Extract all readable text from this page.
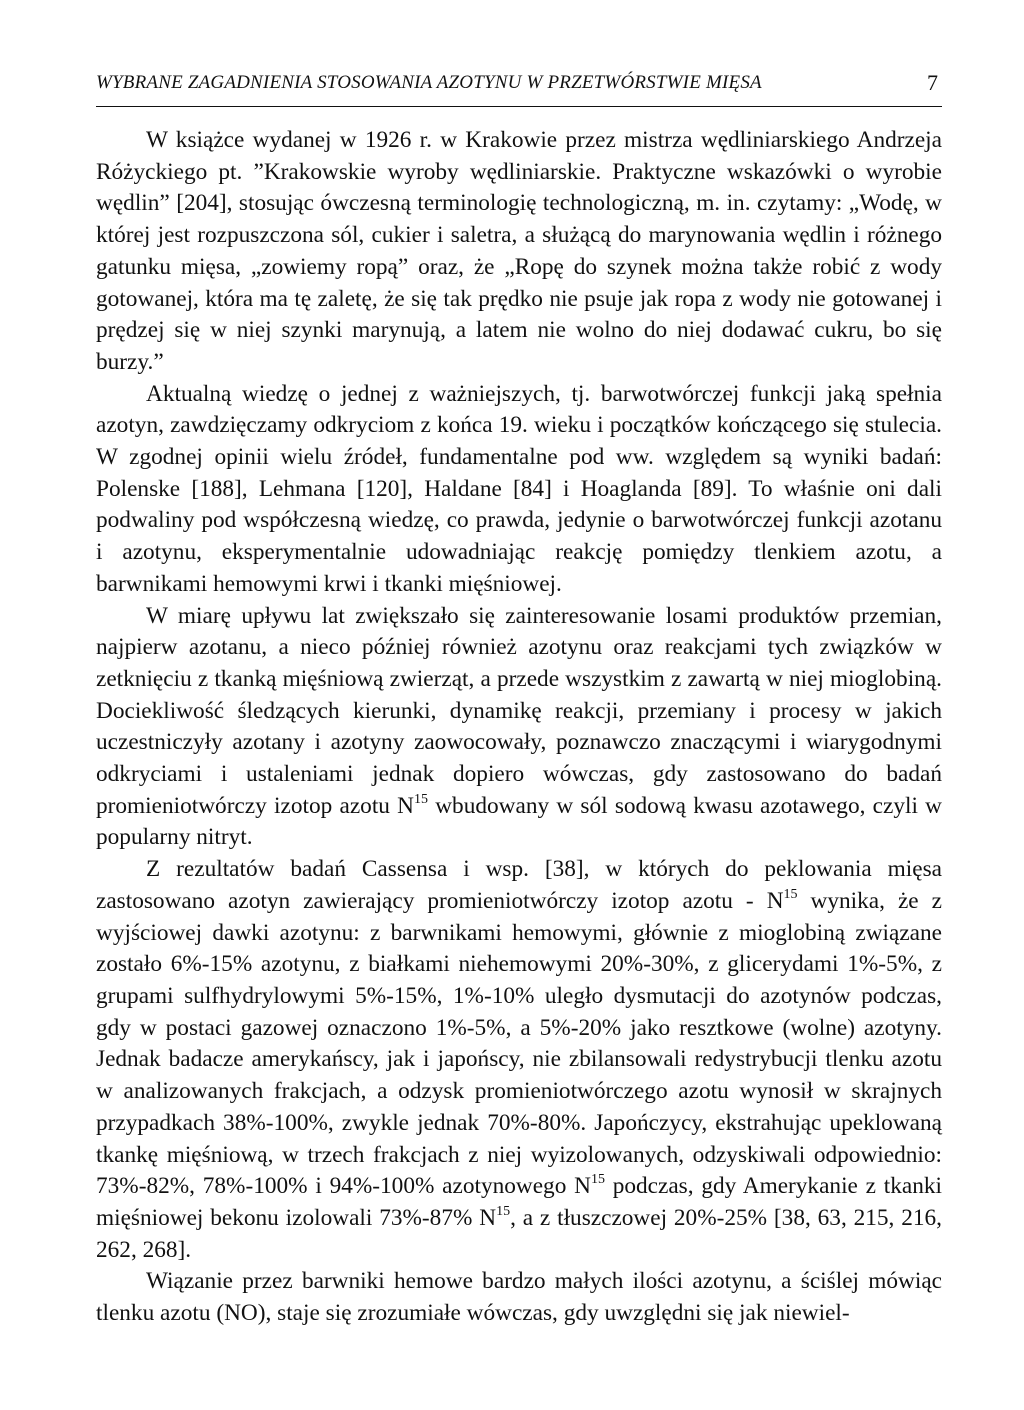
WYBRANE ZAGADNIENIA STOSOWANIA AZOTYNU W PRZETWÓRSTWIE MIĘSA	7

W książce wydanej w 1926 r. w Krakowie przez mistrza wędliniarskiego Andrzeja Różyckiego pt. ”Krakowskie wyroby wędliniarskie. Praktyczne wskazówki o wyrobie wędlin” [204], stosując ówczesną terminologię technologiczną, m. in. czytamy: „Wodę, w której jest rozpuszczona sól, cukier i saletra, a służącą do marynowania wędlin i różnego gatunku mięsa, „zowiemy ropą” oraz, że „Ropę do szynek można także robić z wody gotowanej, która ma tę zaletę, że się tak prędko nie psuje jak ropa z wody nie gotowanej i prędzej się w niej szynki marynują, a latem nie wolno do niej dodawać cukru, bo się burzy.”

Aktualną wiedzę o jednej z ważniejszych, tj. barwotwórczej funkcji jaką spełnia azotyn, zawdzięczamy odkryciom z końca 19. wieku i początków kończącego się stulecia. W zgodnej opinii wielu źródeł, fundamentalne pod ww. względem są wyniki badań: Polenske [188], Lehmana [120], Haldane [84] i Hoaglanda [89]. To właśnie oni dali podwaliny pod współczesną wiedzę, co prawda, jedynie o barwotwórczej funkcji azotanu i azotynu, eksperymentalnie udowadniając reakcję pomiędzy tlenkiem azotu, a barwnikami hemowymi krwi i tkanki mięśniowej.

W miarę upływu lat zwiększało się zainteresowanie losami produktów przemian, najpierw azotanu, a nieco później również azotynu oraz reakcjami tych związków w zetknięciu z tkanką mięśniową zwierząt, a przede wszystkim z zawartą w niej mioglobiną. Dociekliwość śledzących kierunki, dynamikę reakcji, przemiany i procesy w jakich uczestniczyły azotany i azotyny zaowocowały, poznawczo znaczącymi i wiarygodnymi odkryciami i ustaleniami jednak dopiero wówczas, gdy zastosowano do badań promieniotwórczy izotop azotu $N^{15}$ wbudowany w sól sodową kwasu azotawego, czyli w popularny nitryt.

Z rezultatów badań Cassensa i wsp. [38], w których do peklowania mięsa zastosowano azotyn zawierający promieniotwórczy izotop azotu - $N^{15}$ wynika, że z wyjściowej dawki azotynu: z barwnikami hemowymi, głównie z mioglobiną związane zostało 6%-15% azotynu, z białkami niehemowymi 20%-30%, z glicerydami 1%-5%, z grupami sulfhydrylowymi 5%-15%, 1%-10% uległo dysmutacji do azotynów podczas, gdy w postaci gazowej oznaczono 1%-5%, a 5%-20% jako resztkowe (wolne) azotyny. Jednak badacze amerykańscy, jak i japońscy, nie zbilansowali redystrybucji tlenku azotu w analizowanych frakcjach, a odzysk promieniotwórczego azotu wynosił w skrajnych przypadkach 38%-100%, zwykle jednak 70%-80%. Japończycy, ekstrahując upeklowaną tkankę mięśniową, w trzech frakcjach z niej wyizolowanych, odzyskiwali odpowiednio: 73%-82%, 78%-100% i 94%-100% azotynowego $N^{15}$ podczas, gdy Amerykanie z tkanki mięśniowej bekonu izolowali 73%-87% $N^{15}$, a z tłuszczowej 20%-25% [38, 63, 215, 216, 262, 268].

Wiązanie przez barwniki hemowe bardzo małych ilości azotynu, a ściślej mówiąc tlenku azotu (NO), staje się zrozumiałe wówczas, gdy uwzględni się jak niewiel-
